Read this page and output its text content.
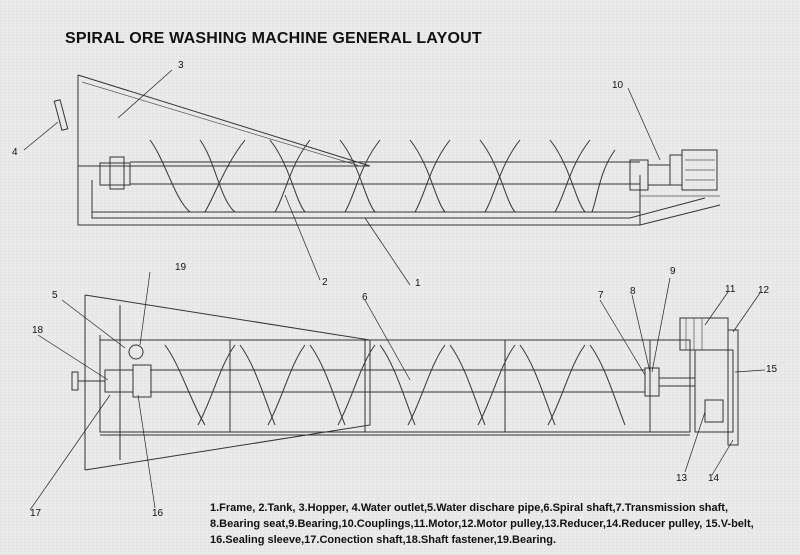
SPIRAL ORE WASHING MACHINE GENERAL LAYOUT
3
4
10
2	1
19	9
5	6	7	8	11 12
18
15
13 14
17	16	1.Frame, 2.Tank, 3.Hopper, 4.Water outlet,5.Water dischare pipe,6.Spiral shaft,7.Transmission shaft, 8.Bearing seat,9.Bearing,10.Couplings,11.Motor,12.Motor pulley,13.Reducer,14.Reducer pulley, 15.V-belt, 16.Sealing sleeve,17.Conection shaft,18.Shaft fastener,19.Bearing.
